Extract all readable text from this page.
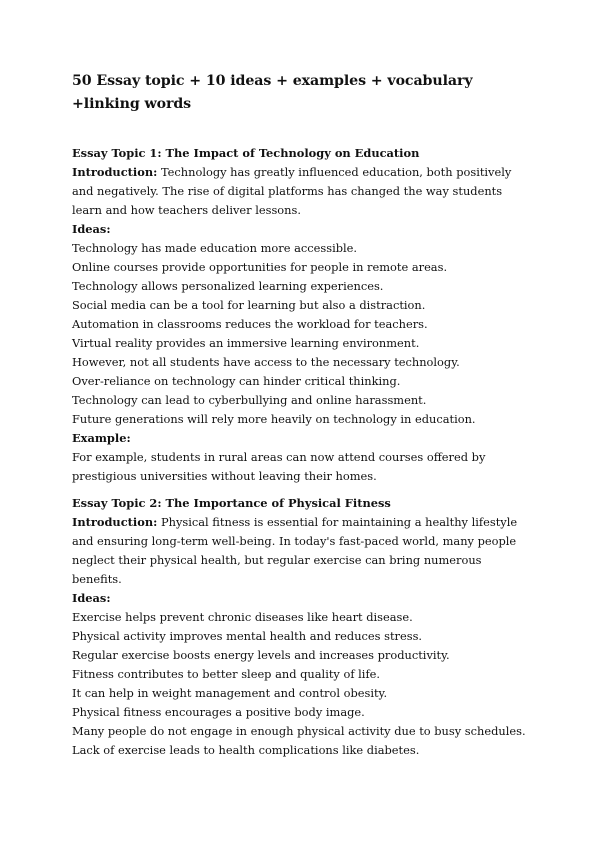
50 Essay topic + 10 ideas + examples + vocabulary +linking words

Essay Topic 1: The Impact of Technology on Education

Introduction: Technology has greatly influenced education, both positively and negatively. The rise of digital platforms has changed the way students learn and how teachers deliver lessons.

Ideas:

Technology has made education more accessible.
Online courses provide opportunities for people in remote areas.
Technology allows personalized learning experiences.
Social media can be a tool for learning but also a distraction.
Automation in classrooms reduces the workload for teachers.
Virtual reality provides an immersive learning environment.
However, not all students have access to the necessary technology.
Over-reliance on technology can hinder critical thinking.
Technology can lead to cyberbullying and online harassment.
Future generations will rely more heavily on technology in education.

Example:

For example, students in rural areas can now attend courses offered by prestigious universities without leaving their homes.

Essay Topic 2: The Importance of Physical Fitness

Introduction: Physical fitness is essential for maintaining a healthy lifestyle and ensuring long-term well-being. In today's fast-paced world, many people neglect their physical health, but regular exercise can bring numerous benefits.

Ideas:

Exercise helps prevent chronic diseases like heart disease.
Physical activity improves mental health and reduces stress.
Regular exercise boosts energy levels and increases productivity.
Fitness contributes to better sleep and quality of life.
It can help in weight management and control obesity.
Physical fitness encourages a positive body image.
Many people do not engage in enough physical activity due to busy schedules.
Lack of exercise leads to health complications like diabetes.
